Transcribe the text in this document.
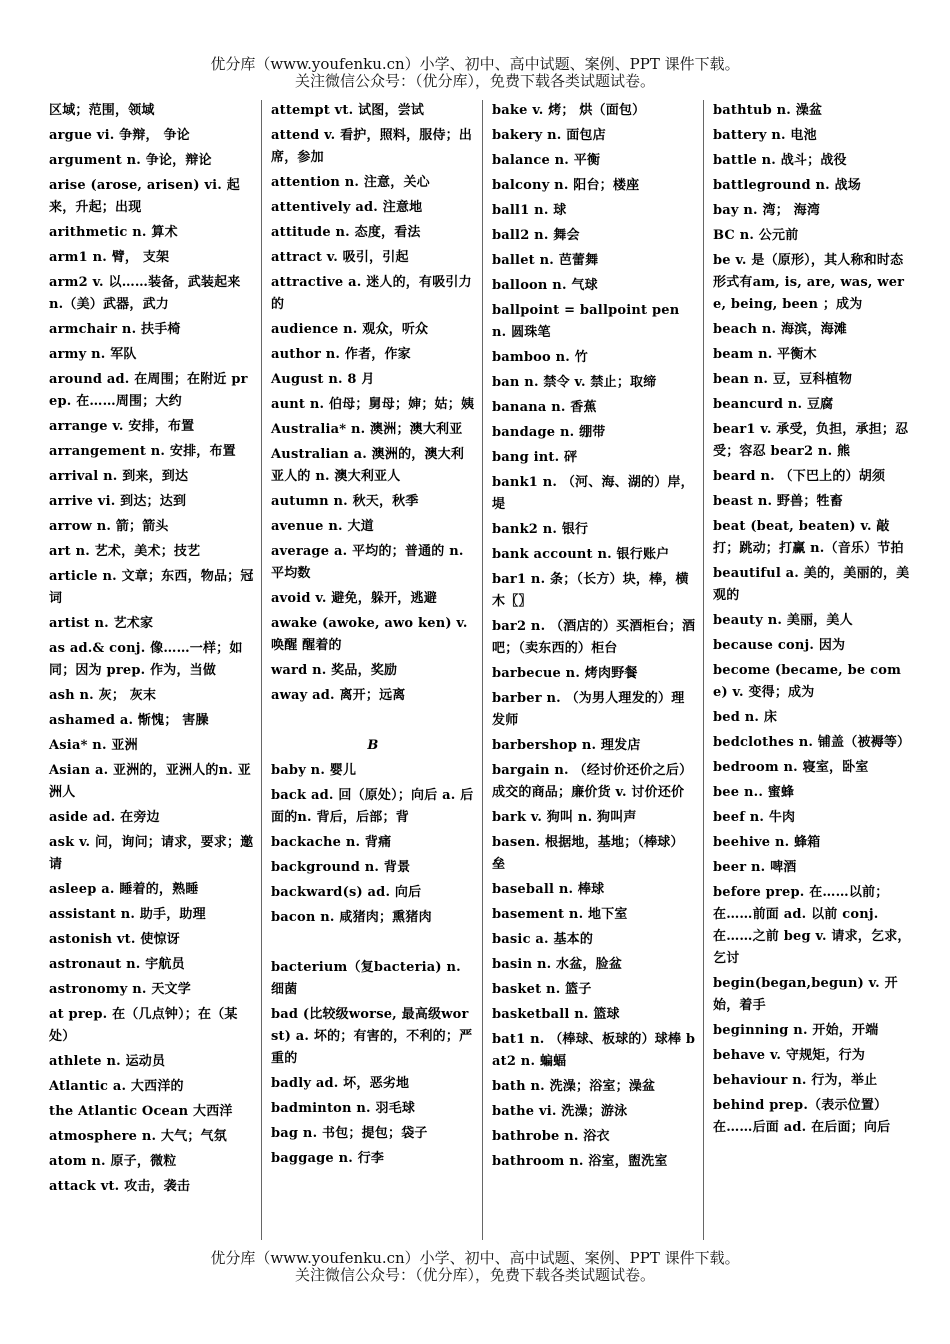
优分库（www.youfenku.cn）小学、初中、高中试题、案例、PPT 课件下载。
关注微信公众号：（优分库），免费下载各类试题试卷。
区域；范围，领域
argue vi. 争辩， 争论
argument n. 争论，辩论
arise (arose, arisen) vi. 起来，升起；出现
arithmetic n. 算术
arm1 n. 臂， 支架
arm2 v. 以……装备，武装起来n.（美）武器，武力
armchair n. 扶手椅
army n. 军队
around ad. 在周围；在附近 prep. 在……周围；大约
arrange v. 安排，布置
arrangement n. 安排，布置
arrival n. 到来，到达
arrive vi. 到达；达到
arrow n. 箭；箭头
art n. 艺术，美术；技艺
article n. 文章；东西，物品；冠词
artist n. 艺术家
as ad.& conj. 像……一样；如同；因为 prep. 作为，当做
ash n. 灰； 灰末
ashamed a. 惭愧； 害臊
Asia* n. 亚洲
Asian a. 亚洲的，亚洲人的n. 亚洲人
aside ad. 在旁边
ask v. 问，询问；请求，要求；邀请
asleep a. 睡着的，熟睡
assistant n. 助手，助理
astonish vt. 使惊讶
astronaut n. 宇航员
astronomy n. 天文学
at prep. 在（几点钟）；在（某处）
athlete n. 运动员
Atlantic a. 大西洋的
the Atlantic Ocean 大西洋
atmosphere n. 大气；气氛
atom n. 原子，微粒
attack vt. 攻击，袭击
attempt vt. 试图，尝试
attend v. 看护，照料，服侍；出席，参加
attention n. 注意，关心
attentively ad. 注意地
attitude n. 态度，看法
attract v. 吸引，引起
attractive a. 迷人的，有吸引力的
audience n. 观众，听众
author n. 作者，作家
August n. 8 月
aunt n. 伯母；舅母；婶；姑；姨
Australia* n. 澳洲；澳大利亚
Australian a. 澳洲的，澳大利亚人的 n. 澳大利亚人
autumn n. 秋天，秋季
avenue n. 大道
average a. 平均的；普通的 n. 平均数
avoid v. 避免，躲开，逃避
awake (awoke, awo ken) v. 唤醒 醒着的
ward n. 奖品，奖励
away ad. 离开；远离
B
baby n. 婴儿
back ad. 回（原处）；向后 a. 后面的n. 背后，后部；背
backache n. 背痛
background n. 背景
backward(s) ad. 向后
bacon n. 咸猪肉；熏猪肉
bacterium（复bacteria) n. 细菌
bad (比较级worse, 最高级worst) a. 坏的；有害的，不利的；严重的
badly ad. 坏，恶劣地
badminton n. 羽毛球
bag n. 书包；提包；袋子
baggage n. 行李
bake v. 烤； 烘（面包）
bakery n. 面包店
balance n. 平衡
balcony n. 阳台；楼座
ball1 n. 球
ball2 n. 舞会
ballet n. 芭蕾舞
balloon n. 气球
ballpoint = ballpoint pen n. 圆珠笔
bamboo n. 竹
ban n. 禁令 v. 禁止；取缔
banana n. 香蕉
bandage n. 绷带
bang int. 砰
bank1 n. （河、海、湖的）岸，堤
bank2 n. 银行
bank account n. 银行账户
bar1 n. 条；（长方）块，棒，横木〖〗
bar2 n. （酒店的）买酒柜台；酒吧；（卖东西的）柜台
barbecue n. 烤肉野餐
barber n. （为男人理发的）理发师
barbershop n. 理发店
bargain n. （经讨价还价之后）成交的商品；廉价货 v. 讨价还价
bark v. 狗叫 n. 狗叫声
basen. 根据地，基地；（棒球）垒
baseball n. 棒球
basement n. 地下室
basic a. 基本的
basin n. 水盆，脸盆
basket n. 篮子
basketball n. 篮球
bat1 n. （棒球、板球的）球棒 bat2 n. 蝙蝠
bath n. 洗澡；浴室；澡盆
bathe vi. 洗澡；游泳
bathrobe n. 浴衣
bathroom n. 浴室，盥洗室
bathtub n. 澡盆
battery n. 电池
battle n. 战斗；战役
battleground n. 战场
bay n. 湾； 海湾
BC n. 公元前
be v. 是（原形），其人称和时态形式有am, is, are, was, were, being, been ；成为
beach n. 海滨，海滩
beam n. 平衡木
bean n. 豆，豆科植物
beancurd n. 豆腐
bear1 v. 承受，负担，承担；忍受；容忍 bear2 n. 熊
beard n. （下巴上的）胡须
beast n. 野兽；牲畜
beat (beat, beaten) v. 敲打；跳动；打赢 n.（音乐）节拍
beautiful a. 美的，美丽的，美观的
beauty n. 美丽，美人
because conj. 因为
become (became, be come) v. 变得；成为
bed n. 床
bedclothes n. 铺盖（被褥等）
bedroom n. 寝室，卧室
bee n.. 蜜蜂
beef n. 牛肉
beehive n. 蜂箱
beer n. 啤酒
before prep. 在……以前；在……前面 ad. 以前 conj. 在……之前 beg v. 请求，乞求，乞讨
begin(began,begun) v. 开始，着手
beginning n. 开始，开端
behave v. 守规矩，行为
behaviour n. 行为，举止
behind prep.（表示位置） 在……后面 ad. 在后面；向后
优分库（www.youfenku.cn）小学、初中、高中试题、案例、PPT 课件下载。
关注微信公众号：（优分库），免费下载各类试题试卷。
